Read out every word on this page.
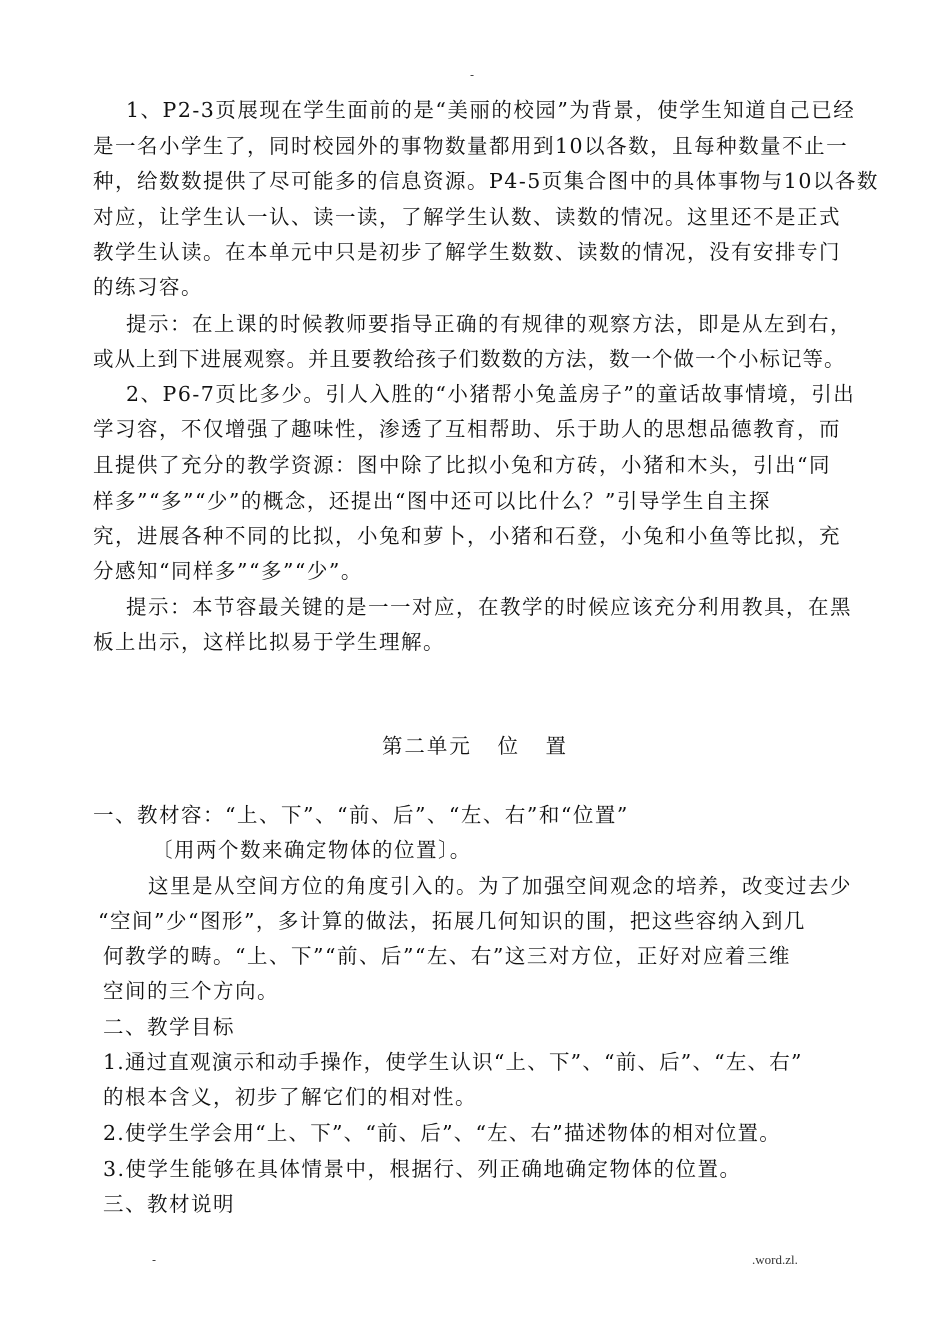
-
1、P2-3页展现在学生面前的是“美丽的校园”为背景，使学生知道自己已经
是一名小学生了，同时校园外的事物数量都用到10以各数，且每种数量不止一
种，给数数提供了尽可能多的信息资源。P4-5页集合图中的具体事物与10以各数
对应，让学生认一认、读一读，了解学生认数、读数的情况。这里还不是正式
教学生认读。在本单元中只是初步了解学生数数、读数的情况，没有安排专门
的练习容。
提示：在上课的时候教师要指导正确的有规律的观察方法，即是从左到右，
或从上到下进展观察。并且要教给孩子们数数的方法，数一个做一个小标记等。
2、P6-7页比多少。引人入胜的“小猪帮小兔盖房子”的童话故事情境，引出
学习容，不仅增强了趣味性，渗透了互相帮助、乐于助人的思想品德教育，而
且提供了充分的教学资源：图中除了比拟小兔和方砖，小猪和木头，引出“同
样多”“多”“少”的概念，还提出“图中还可以比什么？”引导学生自主探
究，进展各种不同的比拟，小兔和萝卜，小猪和石登，小兔和小鱼等比拟，充
分感知“同样多”“多”“少”。
提示：本节容最关键的是一一对应，在教学的时候应该充分利用教具，在黑
板上出示，这样比拟易于学生理解。
第二单元   位   置
一、教材容：“上、下”、“前、后”、“左、右”和“位置”
〔用两个数来确定物体的位置〕。
这里是从空间方位的角度引入的。为了加强空间观念的培养，改变过去少
“空间”少“图形”，多计算的做法，拓展几何知识的围，把这些容纳入到几
何教学的畴。“上、下”“前、后”“左、右”这三对方位，正好对应着三维
空间的三个方向。
二、教学目标
1.通过直观演示和动手操作，使学生认识“上、下”、“前、后”、“左、右”
的根本含义，初步了解它们的相对性。
2.使学生学会用“上、下”、“前、后”、“左、右”描述物体的相对位置。
3.使学生能够在具体情景中，根据行、列正确地确定物体的位置。
三、教材说明
-	.word.zl.
